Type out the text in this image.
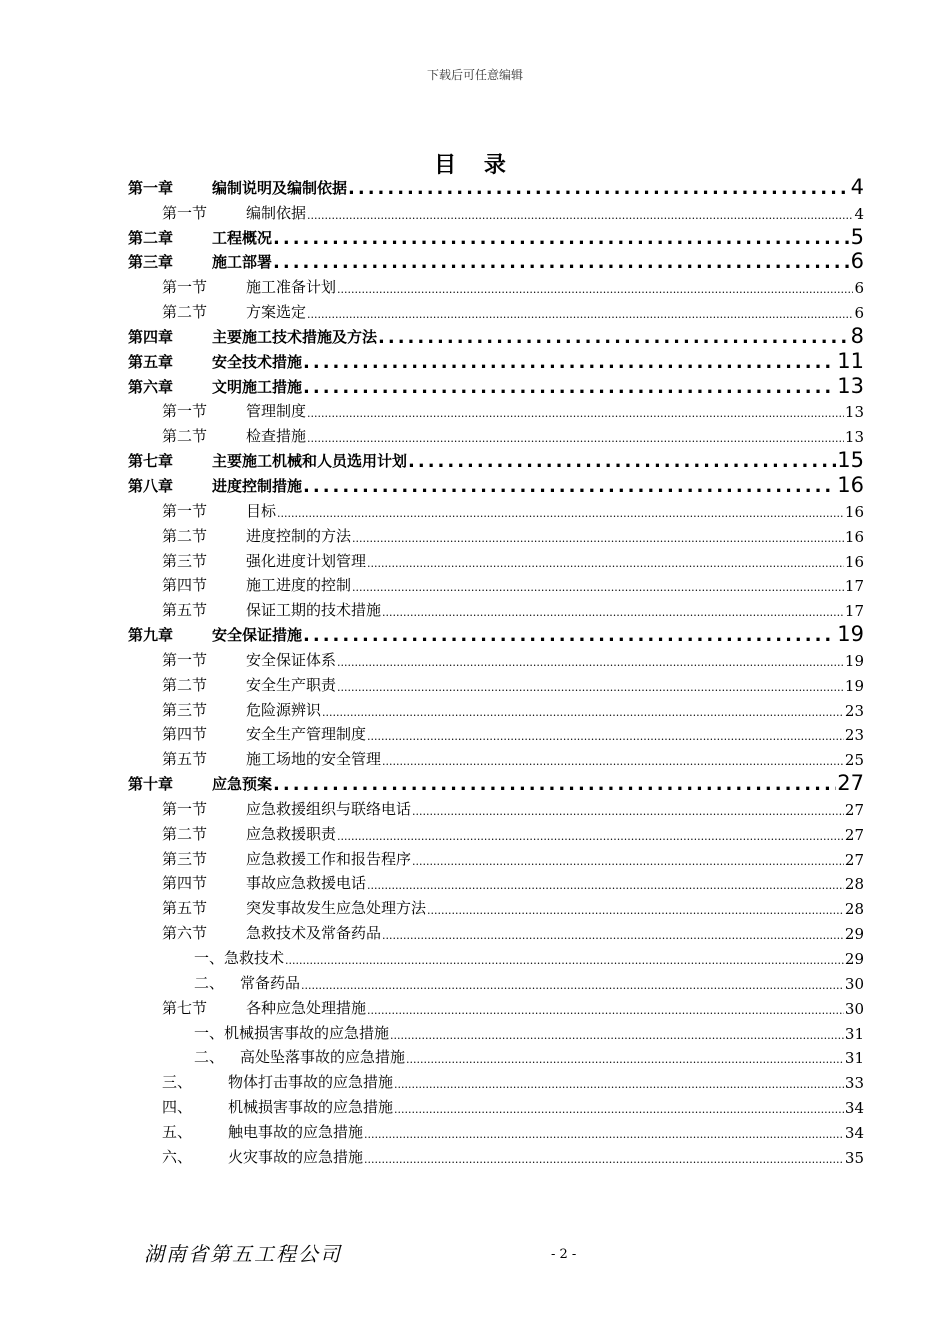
下载后可任意编辑
目 录
第一章	编制说明及编制依据 .....	4
第一节	编制依据 .....	4
第二章	工程概况 .....	5
第三章	施工部署 .....	6
第一节	施工准备计划 .....	6
第二节	方案选定 .....	6
第四章	主要施工技术措施及方法 .....	8
第五章	安全技术措施 .....	11
第六章	文明施工措施 .....	13
第一节	管理制度 .....	13
第二节	检查措施 .....	13
第七章	主要施工机械和人员选用计划 .....	15
第八章	进度控制措施 .....	16
第一节	目标 .....	16
第二节	进度控制的方法 .....	16
第三节	强化进度计划管理 .....	16
第四节	施工进度的控制 .....	17
第五节	保证工期的技术措施 .....	17
第九章	安全保证措施 .....	19
第一节	安全保证体系 .....	19
第二节	安全生产职责 .....	19
第三节	危险源辨识 .....	23
第四节	安全生产管理制度 .....	23
第五节	施工场地的安全管理 .....	25
第十章	应急预案 .....	27
第一节	应急救援组织与联络电话 .....	27
第二节	应急救援职责 .....	27
第三节	应急救援工作和报告程序 .....	27
第四节	事故应急救援电话 .....	28
第五节	突发事故发生应急处理方法 .....	28
第六节	急救技术及常备药品 .....	29
一、 急救技术 .....	29
二、	常备药品 .....	30
第七节	各种应急处理措施 .....	30
一、 机械损害事故的应急措施 .....	31
二、	高处坠落事故的应急措施 .....	31
三、	物体打击事故的应急措施 .....	33
四、	机械损害事故的应急措施 .....	34
五、	触电事故的应急措施 .....	34
六、	火灾事故的应急措施 .....	35
湖南省第五工程公司	- 2 -
